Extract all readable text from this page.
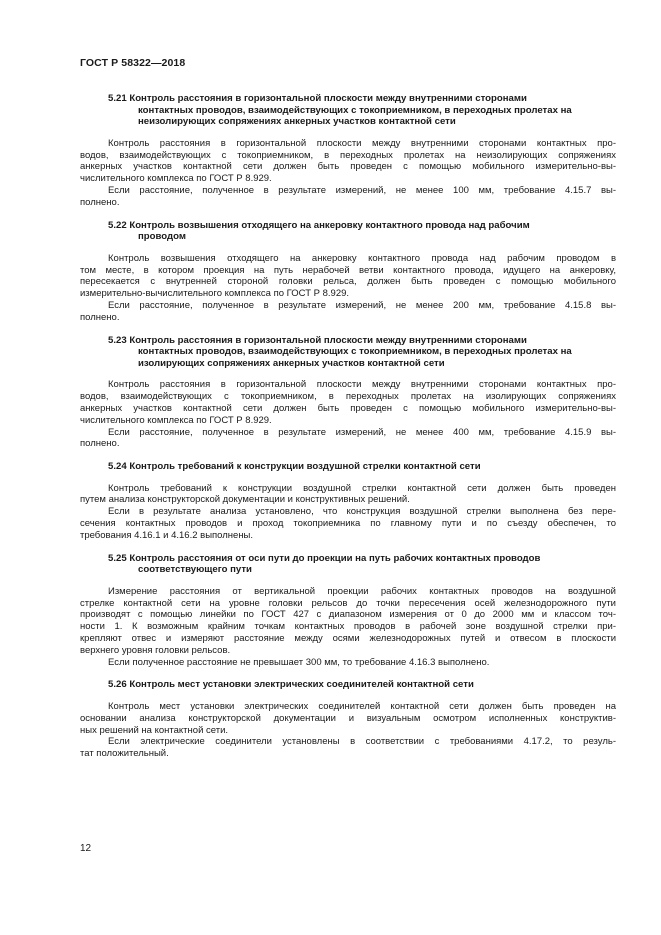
ГОСТ Р 58322—2018
5.21 Контроль расстояния в горизонтальной плоскости между внутренними сторонами
контактных проводов, взаимодействующих с токоприемником, в переходных пролетах на
неизолирующих сопряжениях анкерных участков контактной сети

Контроль расстояния в горизонтальной плоскости между внутренними сторонами контактных про-
водов, взаимодействующих с токоприемником, в переходных пролетах на неизолирующих сопряжениях
анкерных участков контактной сети должен быть проведен с помощью мобильного измерительно-вы-
числительного комплекса по ГОСТ Р 8.929.

Если расстояние, полученное в результате измерений, не менее 100 мм, требование 4.15.7 вы-
полнено.

5.22 Контроль возвышения отходящего на анкеровку контактного провода над рабочим
проводом

Контроль возвышения отходящего на анкеровку контактного провода над рабочим проводом в
том месте, в котором проекция на путь нерабочей ветви контактного провода, идущего на анкеровку,
пересекается с внутренней стороной головки рельса, должен быть проведен с помощью мобильного
измерительно-вычислительного комплекса по ГОСТ Р 8.929.

Если расстояние, полученное в результате измерений, не менее 200 мм, требование 4.15.8 вы-
полнено.

5.23 Контроль расстояния в горизонтальной плоскости между внутренними сторонами
контактных проводов, взаимодействующих с токоприемником, в переходных пролетах на
изолирующих сопряжениях анкерных участков контактной сети

Контроль расстояния в горизонтальной плоскости между внутренними сторонами контактных про-
водов, взаимодействующих с токоприемником, в переходных пролетах на изолирующих сопряжениях
анкерных участков контактной сети должен быть проведен с помощью мобильного измерительно-вы-
числительного комплекса по ГОСТ Р 8.929.

Если расстояние, полученное в результате измерений, не менее 400 мм, требование 4.15.9 вы-
полнено.

5.24 Контроль требований к конструкции воздушной стрелки контактной сети

Контроль требований к конструкции воздушной стрелки контактной сети должен быть проведен
путем анализа конструкторской документации и конструктивных решений.

Если в результате анализа установлено, что конструкция воздушной стрелки выполнена без пере-
сечения контактных проводов и проход токоприемника по главному пути и по съезду обеспечен, то
требования 4.16.1 и 4.16.2 выполнены.

5.25 Контроль расстояния от оси пути до проекции на путь рабочих контактных проводов
соответствующего пути

Измерение расстояния от вертикальной проекции рабочих контактных проводов на воздушной
стрелке контактной сети на уровне головки рельсов до точки пересечения осей железнодорожного пути
производят с помощью линейки по ГОСТ 427 с диапазоном измерения от 0 до 2000 мм и классом точ-
ности 1. К возможным крайним точкам контактных проводов в рабочей зоне воздушной стрелки при-
крепляют отвес и измеряют расстояние между осями железнодорожных путей и отвесом в плоскости
верхнего уровня головки рельсов.

Если полученное расстояние не превышает 300 мм, то требование 4.16.3 выполнено.

5.26 Контроль мест установки электрических соединителей контактной сети

Контроль мест установки электрических соединителей контактной сети должен быть проведен на
основании анализа конструкторской документации и визуальным осмотром исполненных конструктив-
ных решений на контактной сети.

Если электрические соединители установлены в соответствии с требованиями 4.17.2, то резуль-
тат положительный.

12
